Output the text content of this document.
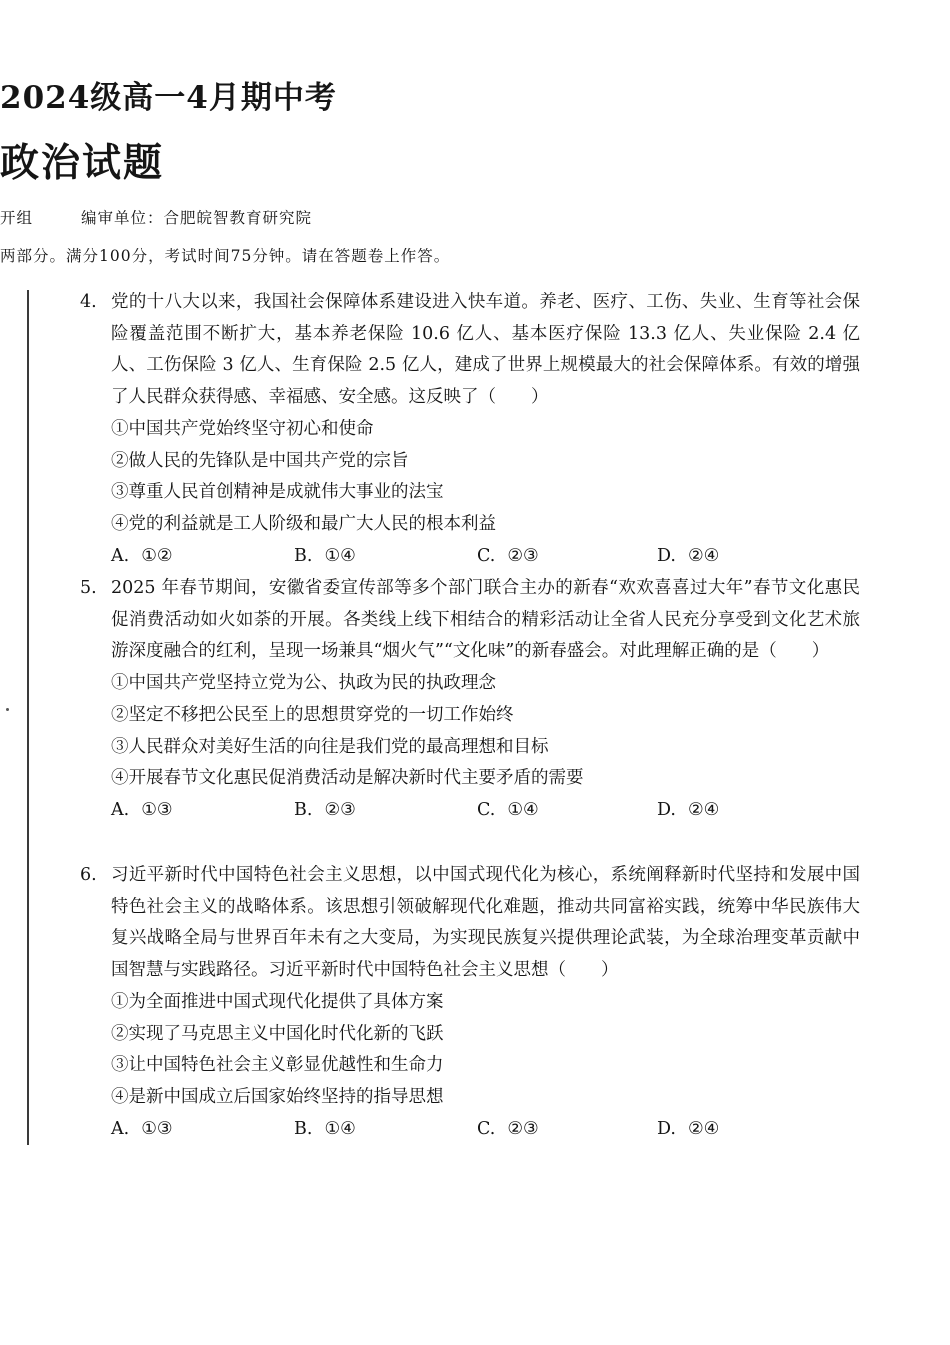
2024级高一4月期中考
政治试题
开组	编审单位：合肥皖智教育研究院
两部分。满分100分，考试时间75分钟。请在答题卷上作答。
4. 党的十八大以来，我国社会保障体系建设进入快车道。养老、医疗、工伤、失业、生育等社会保险覆盖范围不断扩大，基本养老保险 10.6 亿人、基本医疗保险 13.3 亿人、失业保险 2.4 亿人、工伤保险 3 亿人、生育保险 2.5 亿人，建成了世界上规模最大的社会保障体系。有效的增强了人民群众获得感、幸福感、安全感。这反映了（　　）
①中国共产党始终坚守初心和使命
②做人民的先锋队是中国共产党的宗旨
③尊重人民首创精神是成就伟大事业的法宝
④党的利益就是工人阶级和最广大人民的根本利益
A. ①②	B. ①④	C. ②③	D. ②④
5. 2025 年春节期间，安徽省委宣传部等多个部门联合主办的新春“欢欢喜喜过大年”春节文化惠民促消费活动如火如荼的开展。各类线上线下相结合的精彩活动让全省人民充分享受到文化艺术旅游深度融合的红利，呈现一场兼具“烟火气”“文化味”的新春盛会。对此理解正确的是（　　）
①中国共产党坚持立党为公、执政为民的执政理念
②坚定不移把公民至上的思想贯穿党的一切工作始终
③人民群众对美好生活的向往是我们党的最高理想和目标
④开展春节文化惠民促消费活动是解决新时代主要矛盾的需要
A. ①③	B. ②③	C. ①④	D. ②④
6. 习近平新时代中国特色社会主义思想，以中国式现代化为核心，系统阐释新时代坚持和发展中国特色社会主义的战略体系。该思想引领破解现代化难题，推动共同富裕实践，统筹中华民族伟大复兴战略全局与世界百年未有之大变局，为实现民族复兴提供理论武装，为全球治理变革贡献中国智慧与实践路径。习近平新时代中国特色社会主义思想（　　）
①为全面推进中国式现代化提供了具体方案
②实现了马克思主义中国化时代化新的飞跃
③让中国特色社会主义彰显优越性和生命力
④是新中国成立后国家始终坚持的指导思想
A. ①③	B. ①④	C. ②③	D. ②④
